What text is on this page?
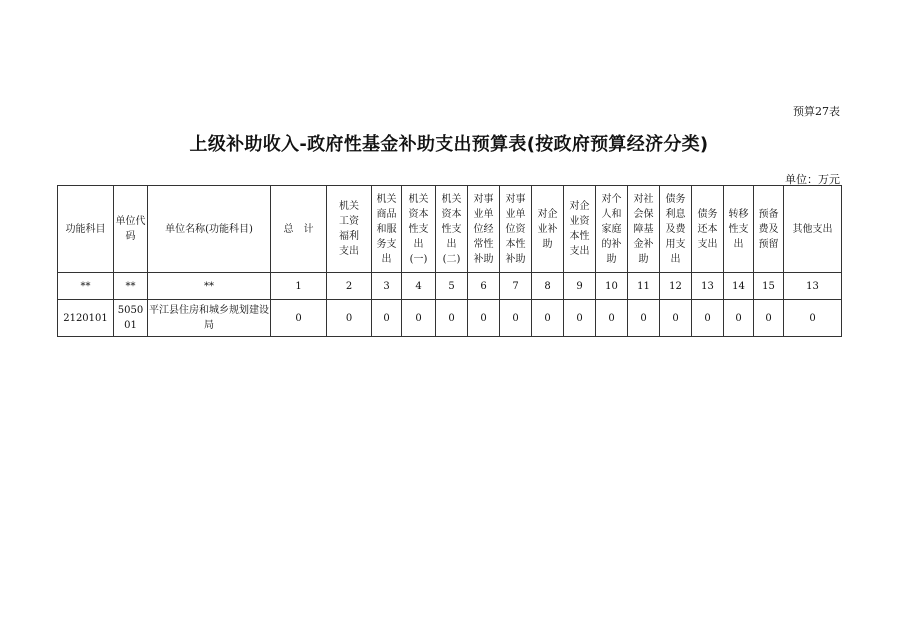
预算27表
上级补助收入-政府性基金补助支出预算表(按政府预算经济分类)
单位：万元
功能科目	单位代码	单位名称(功能科目)	总　计	机关工资福利支出	机关商品和服务支出	机关资本性支出(一)	机关资本性支出(二)	对事业单位经常性补助	对事业单位资本性补助	对企业补助	对企业资本性支出	对个人和家庭的补助	对社会保障基金补助	债务利息及费用支出	债务还本支出	转移性支出	预备费及预留	其他支出
**	**	**	1	2	3	4	5	6	7	8	9	10	11	12	13	14	15	13
2120101	505001	平江县住房和城乡规划建设局	0	0	0	0	0	0	0	0	0	0	0	0	0	0	0	0
